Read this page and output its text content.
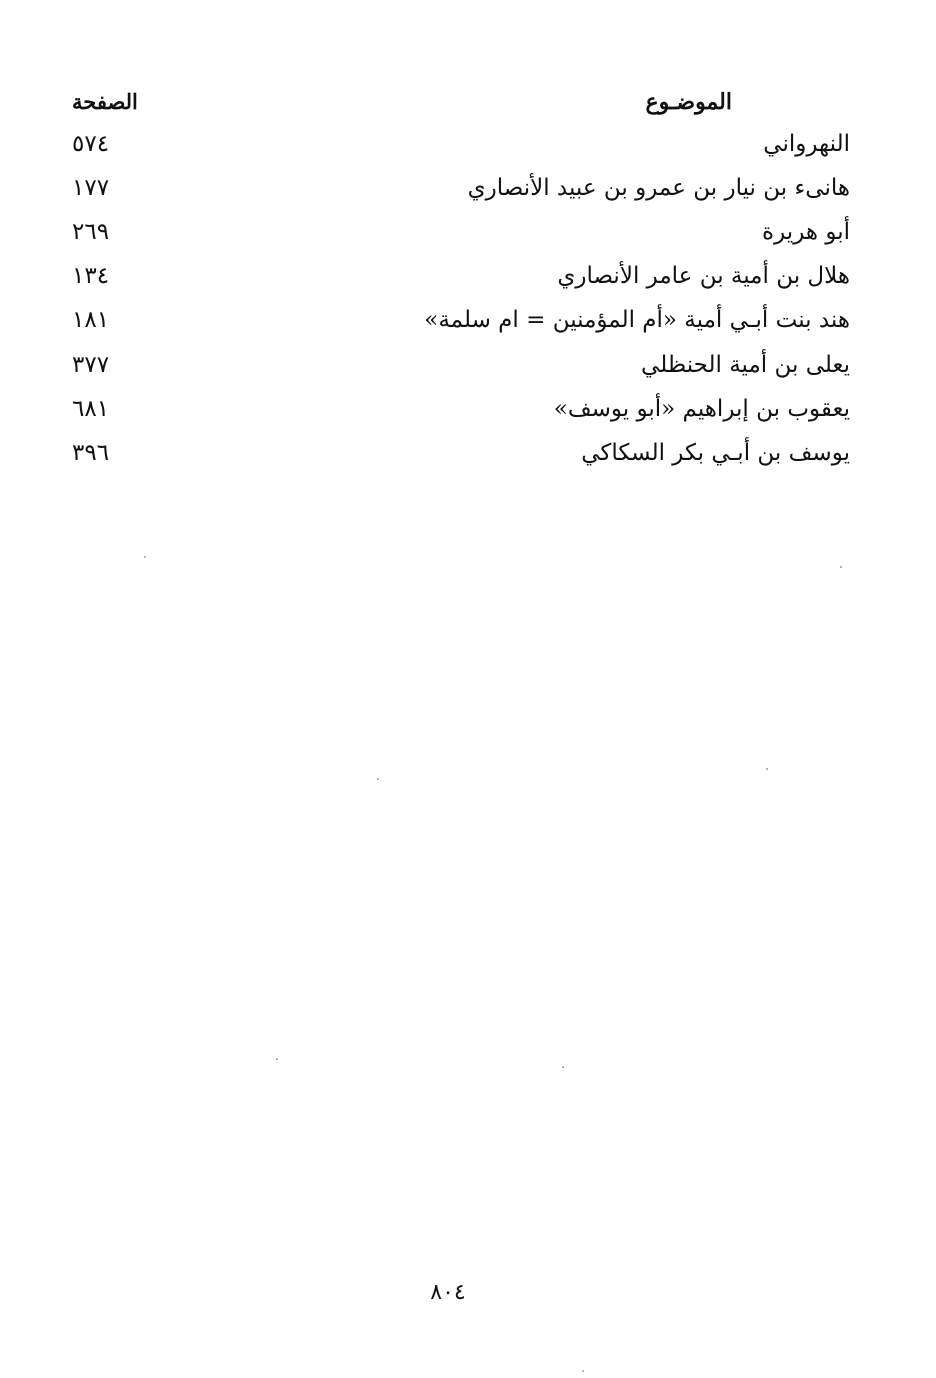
الموضـوع
الصفحة
النهرواني
٥٧٤
هانىء بن نيار بن عمرو بن عبيد الأنصاري
١٧٧
أبو هريرة
٢٦٩
هلال بن أمية بن عامر الأنصاري
١٣٤
هند بنت أبـي أمية «أم المؤمنين = ام سلمة»
١٨١
يعلى بن أمية الحنظلي
٣٧٧
يعقوب بن إبراهيم «أبو يوسف»
٦٨١
يوسف بن أبـي بكر السكاكي
٣٩٦
٨٠٤
